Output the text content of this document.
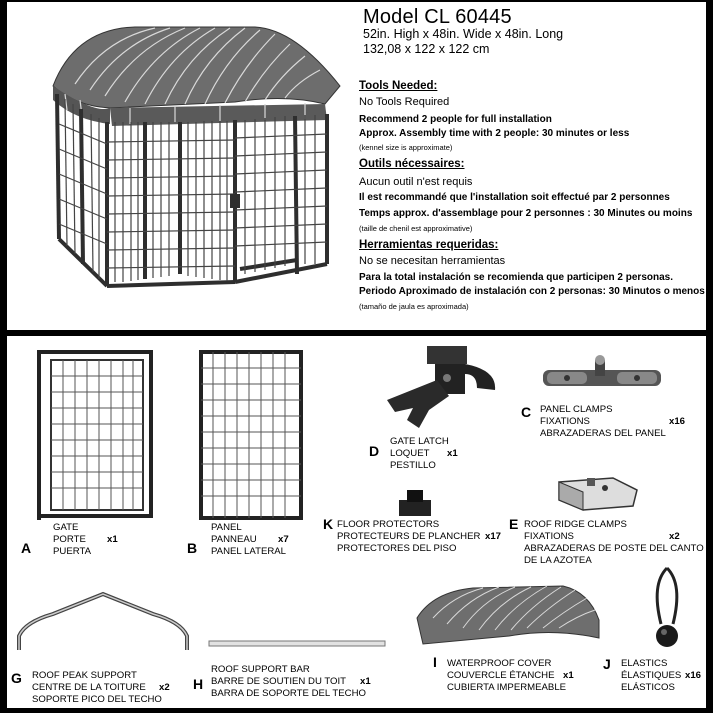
Model CL 60445
52in. High x 48in. Wide x 48in. Long
132,08 x 122 x 122 cm
Tools Needed:
No Tools Required
Recommend 2 people for full installation
Approx. Assembly time with 2 people: 30 minutes or less
(kennel size is approximate)
Outils nécessaires:
Aucun outil n'est requis
Il est recommandé que l'installation soit effectué par 2 personnes
Temps approx. d'assemblage pour 2 personnes : 30 Minutes ou moins
(taille de chenil est approximative)
Herramientas requeridas:
No se necesitan herramientas
Para la total instalación se recomienda que participen 2 personas.
Periodo Aproximado de instalación con 2 personas: 30 Minutos o menos
(tamaño de jaula es aproximada)
A
GATE
PORTE
PUERTA
x1
B
PANEL
PANNEAU
PANEL LATERAL
x7
D
GATE LATCH
LOQUET
PESTILLO
x1
C PANEL CLAMPS
FIXATIONS
ABRAZADERAS DEL PANEL
x16
K FLOOR PROTECTORS
PROTECTEURS DE PLANCHER
PROTECTORES DEL PISO
x17
E ROOF RIDGE CLAMPS
FIXATIONS
ABRAZADERAS DE POSTE DEL CANTO
DE LA AZOTEA
x2
G ROOF PEAK SUPPORT
CENTRE DE LA TOITURE
SOPORTE PICO DEL TECHO
x2 H
ROOF SUPPORT BAR
BARRE DE SOUTIEN DU TOIT
BARRA DE SOPORTE DEL TECHO
x1
I WATERPROOF COVER
COUVERCLE ÉTANCHE
CUBIERTA IMPERMEABLE
x1
J ELASTICS
ÉLASTIQUES
ELÁSTICOS
x16
